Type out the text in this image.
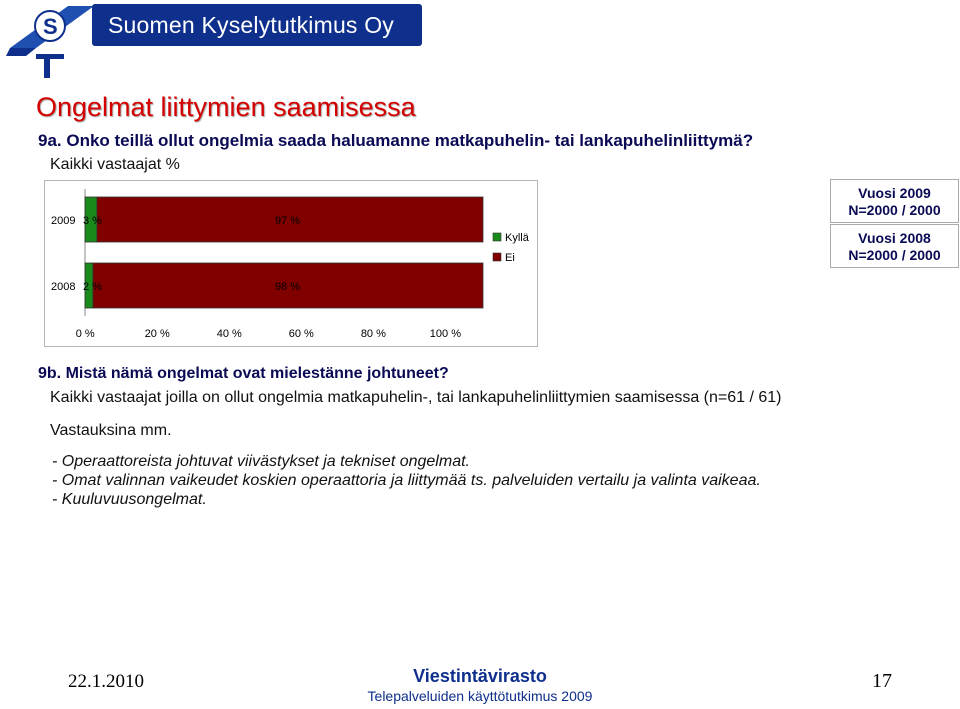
S Suomen Kyselytutkimus Oy
Ongelmat liittymien saamisessa
9a. Onko teillä ollut ongelmia saada haluamanne matkapuhelin- tai lankapuhelinliittymä?
Kaikki vastaajat %
2009 3 %	97 %
2008 2 %	98 %
0 %	20 %	40 %	60 %	80 %	100 %
Kyllä
Ei
Vuosi 2009
N=2000 / 2000
Vuosi 2008
N=2000 / 2000
9b. Mistä nämä ongelmat ovat mielestänne johtuneet?
Kaikki vastaajat joilla on ollut ongelmia matkapuhelin-, tai lankapuhelinliittymien saamisessa (n=61 / 61)
Vastauksina mm.
- Operaattoreista johtuvat viivästykset ja tekniset ongelmat.
- Omat valinnan vaikeudet koskien operaattoria ja liittymää ts. palveluiden vertailu ja valinta vaikeaa.
- Kuuluvuusongelmat.
22.1.2010	Viestintävirasto
Telepalveluiden käyttötutkimus 2009
17
